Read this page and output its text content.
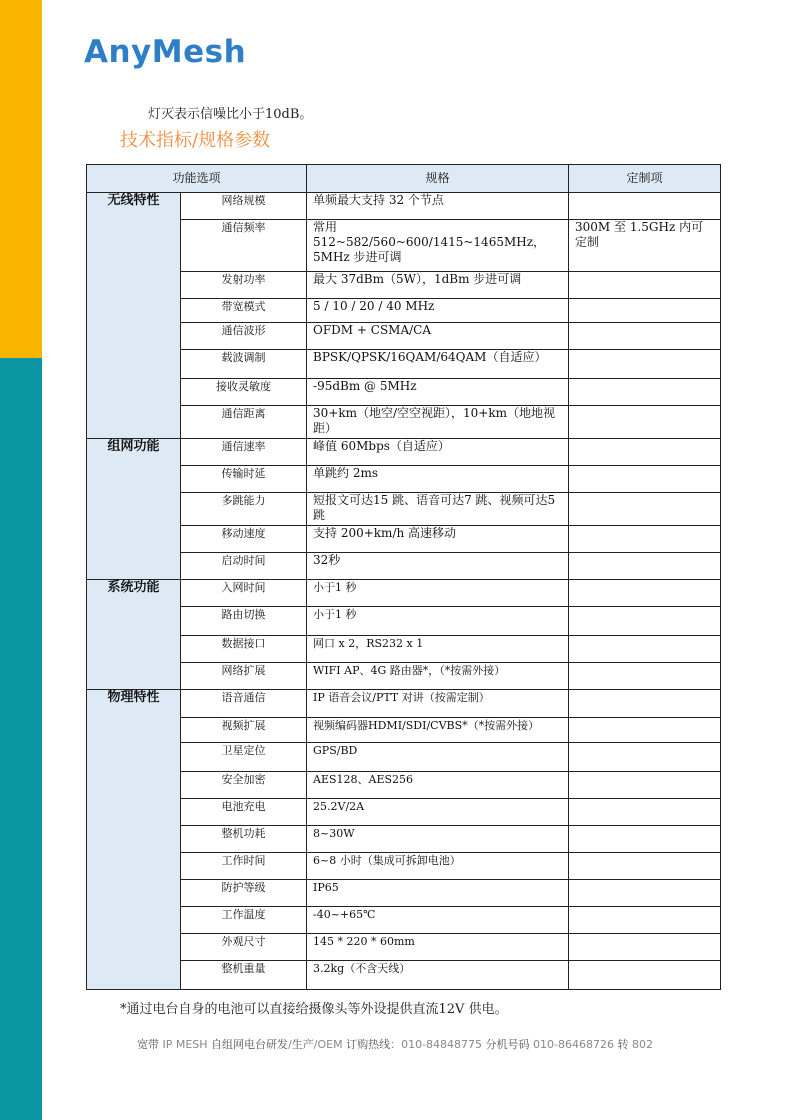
AnyMesh
灯灭表示信噪比小于10dB。
技术指标/规格参数
功能选项		规格	定制项
无线特性	网络规模	单频最大支持 32 个节点	
	通信频率	常用512~582/560~600/1415~1465MHz，5MHz 步进可调	300M 至 1.5GHz 内可定制
	发射功率	最大 37dBm（5W），1dBm 步进可调	
	带宽模式	5 / 10 / 20 / 40 MHz	
	通信波形	OFDM + CSMA/CA	
	载波调制	BPSK/QPSK/16QAM/64QAM（自适应）	
	接收灵敏度	-95dBm @ 5MHz	
	通信距离	30+km（地空/空空视距），10+km（地地视距）	
组网功能	通信速率	峰值 60Mbps（自适应）	
	传输时延	单跳约 2ms	
	多跳能力	短报文可达15 跳、语音可达7 跳、视频可达5 跳	
	移动速度	支持 200+km/h 高速移动	
	启动时间	32秒	
系统功能	入网时间	小于1 秒	
	路由切换	小于1 秒	
	数据接口	网口 x 2，RS232 x 1	
	网络扩展	WIFI AP、4G 路由器*，（*按需外接）	
物理特性	语音通信	IP 语音会议/PTT 对讲（按需定制）	
	视频扩展	视频编码器HDMI/SDI/CVBS*（*按需外接）	
	卫星定位	GPS/BD	
	安全加密	AES128、AES256	
	电池充电	25.2V/2A	
	整机功耗	8~30W	
	工作时间	6~8 小时（集成可拆卸电池）	
	防护等级	IP65	
	工作温度	-40~+65℃	
	外观尺寸	145 * 220 * 60mm	
	整机重量	3.2kg（不含天线）	
*通过电台自身的电池可以直接给摄像头等外设提供直流12V 供电。
宽带 IP MESH 自组网电台研发/生产/OEM 订购热线：010-84848775 分机号码 010-86468726 转 802
